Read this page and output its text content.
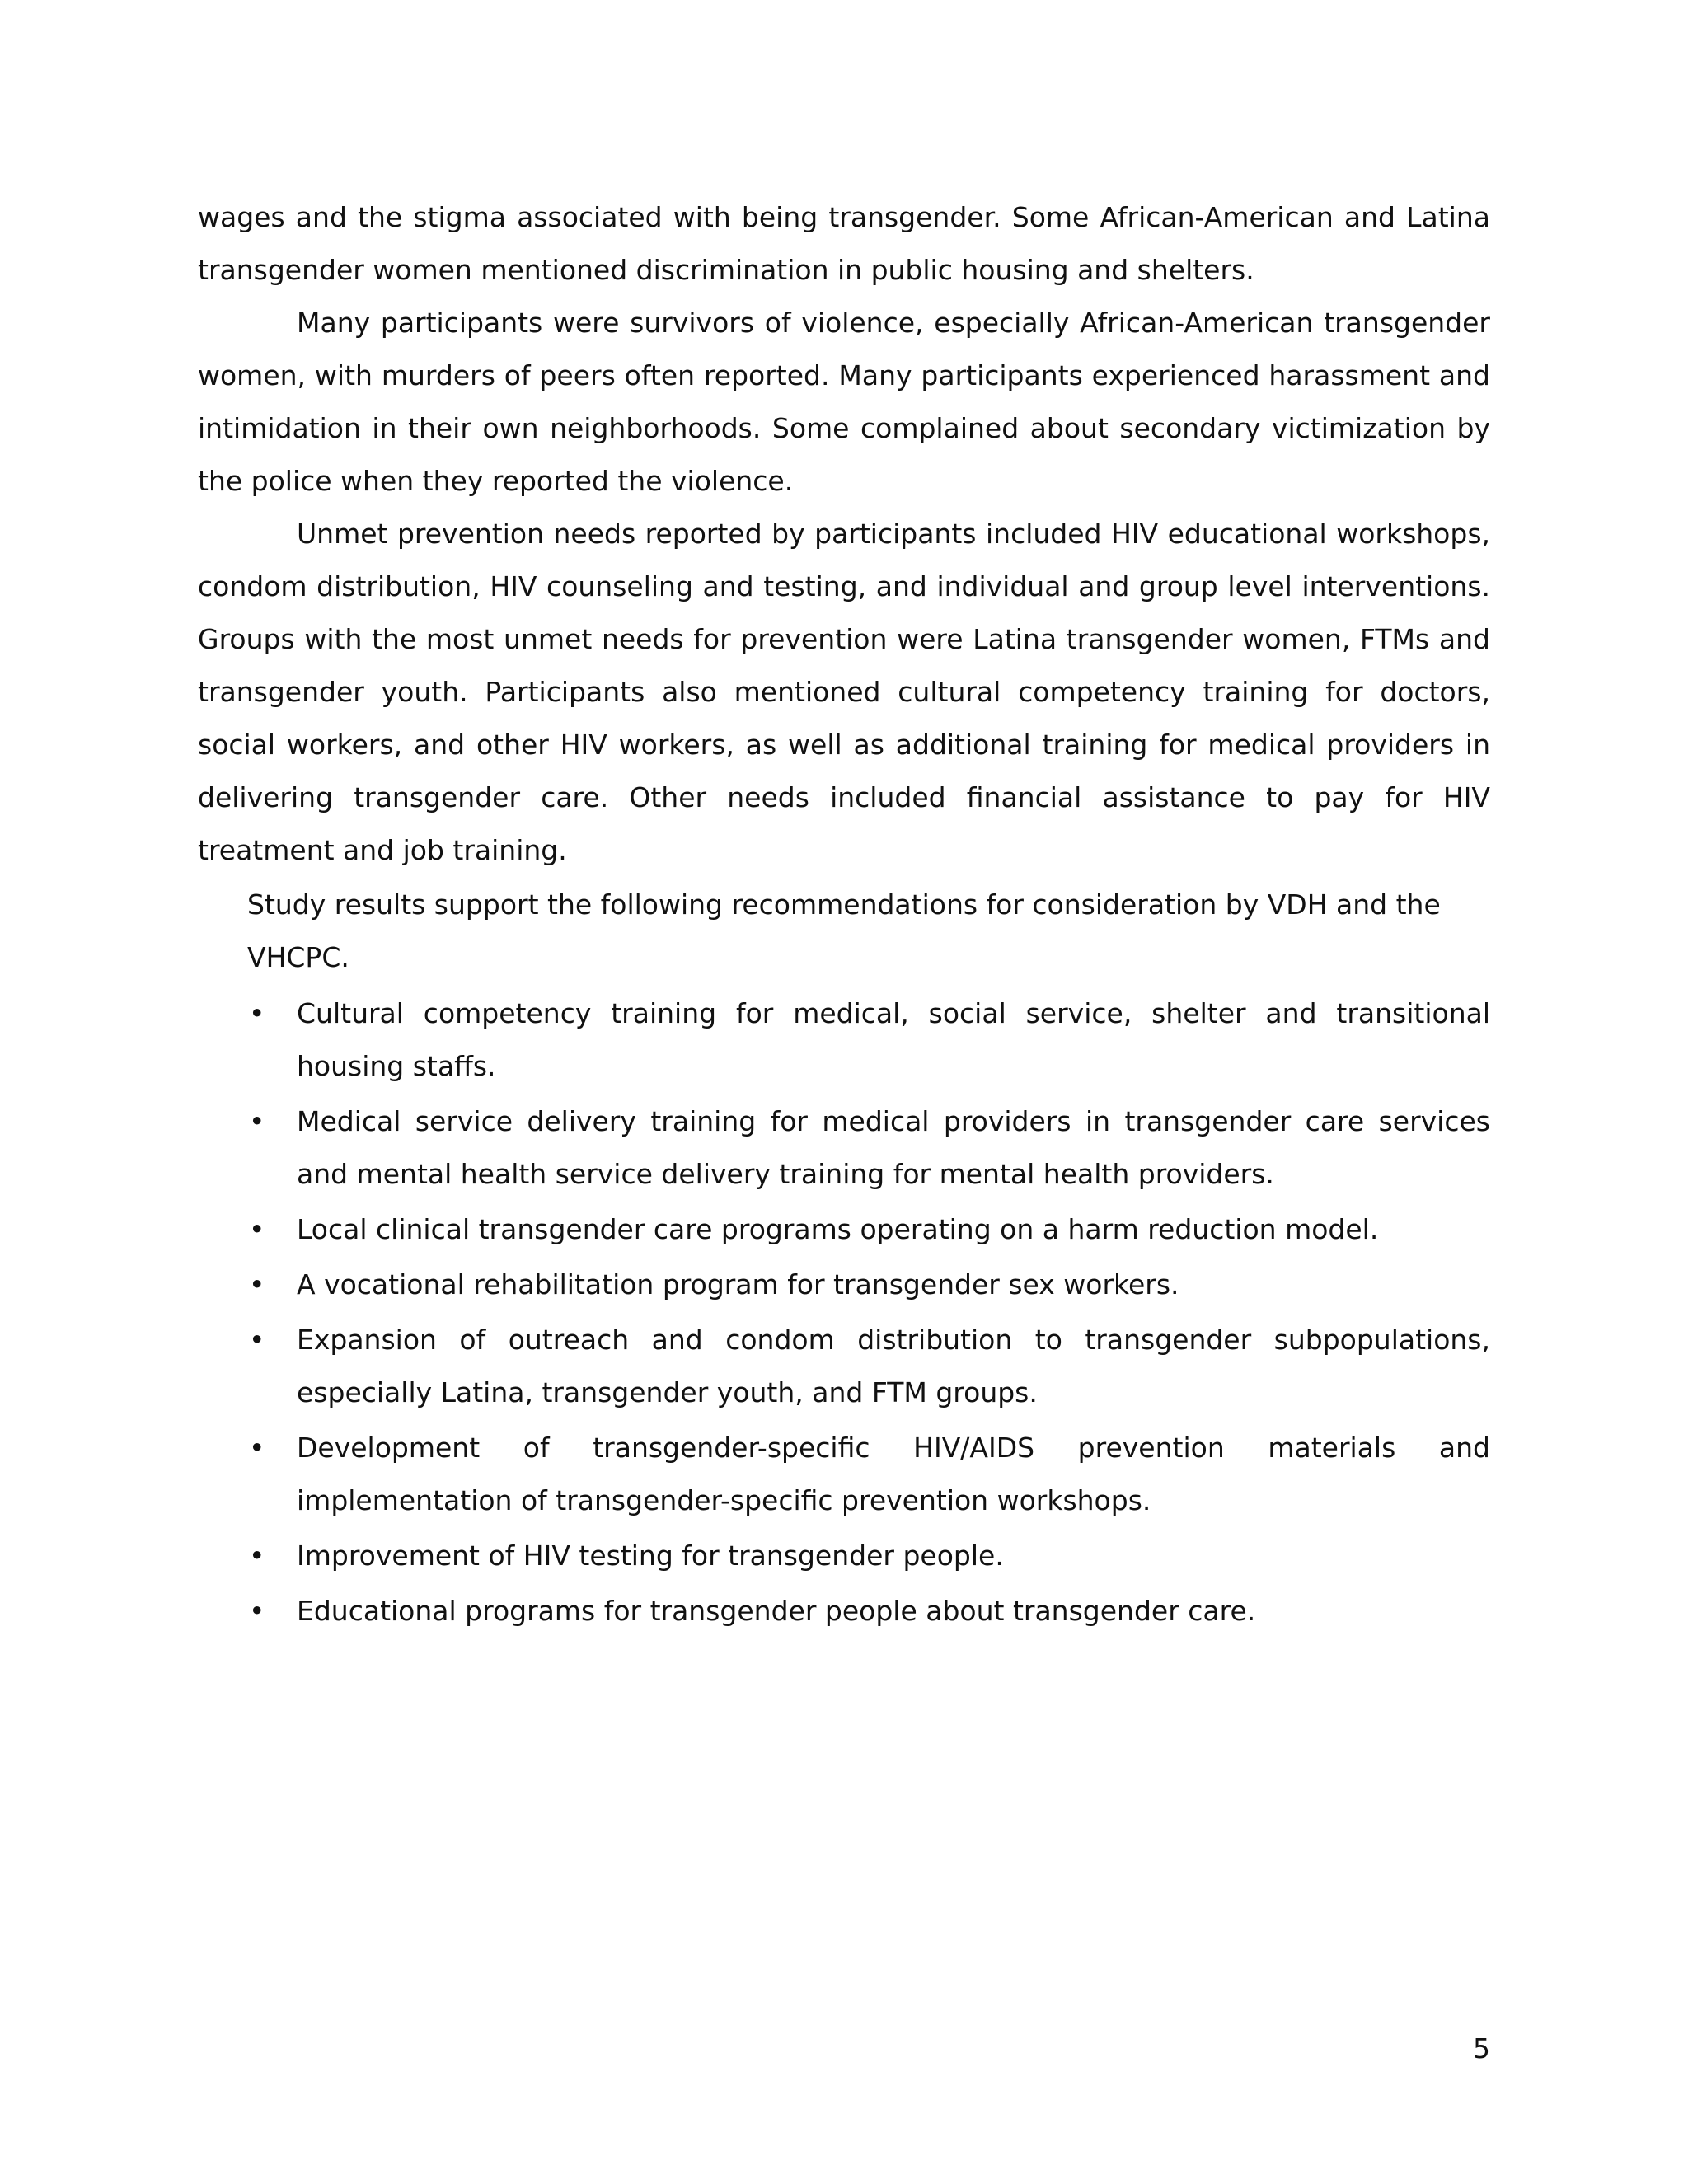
wages and the stigma associated with being transgender. Some African-American and Latina transgender women mentioned discrimination in public housing and shelters.

Many participants were survivors of violence, especially African-American transgender women, with murders of peers often reported. Many participants experienced harassment and intimidation in their own neighborhoods. Some complained about secondary victimization by the police when they reported the violence.

Unmet prevention needs reported by participants included HIV educational workshops, condom distribution, HIV counseling and testing, and individual and group level interventions. Groups with the most unmet needs for prevention were Latina transgender women, FTMs and transgender youth. Participants also mentioned cultural competency training for doctors, social workers, and other HIV workers, as well as additional training for medical providers in delivering transgender care. Other needs included financial assistance to pay for HIV treatment and job training.

Study results support the following recommendations for consideration by VDH and the VHCPC.

• Cultural competency training for medical, social service, shelter and transitional housing staffs.
• Medical service delivery training for medical providers in transgender care services and mental health service delivery training for mental health providers.
• Local clinical transgender care programs operating on a harm reduction model.
• A vocational rehabilitation program for transgender sex workers.
• Expansion of outreach and condom distribution to transgender subpopulations, especially Latina, transgender youth, and FTM groups.
• Development of transgender-specific HIV/AIDS prevention materials and implementation of transgender-specific prevention workshops.
• Improvement of HIV testing for transgender people.
• Educational programs for transgender people about transgender care.
5
